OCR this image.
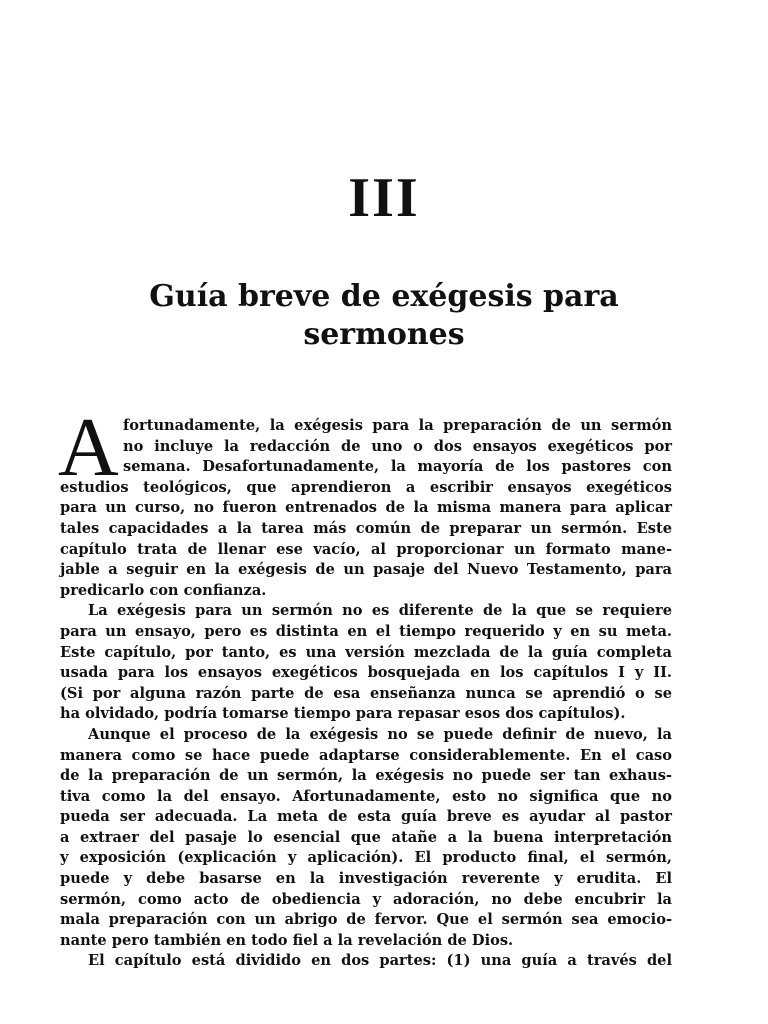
III
Guía breve de exégesis para
sermones
A fortunadamente, la exégesis para la preparación de un sermón
no incluye la redacción de uno o dos ensayos exegéticos por
semana. Desafortunadamente, la mayoría de los pastores con
estudios teológicos, que aprendieron a escribir ensayos exegéticos
para un curso, no fueron entrenados de la misma manera para aplicar
tales capacidades a la tarea más común de preparar un sermón. Este
capítulo trata de llenar ese vacío, al proporcionar un formato mane-
jable a seguir en la exégesis de un pasaje del Nuevo Testamento, para
predicarlo con confianza.
La exégesis para un sermón no es diferente de la que se requiere
para un ensayo, pero es distinta en el tiempo requerido y en su meta.
Este capítulo, por tanto, es una versión mezclada de la guía completa
usada para los ensayos exegéticos bosquejada en los capítulos I y II.
(Si por alguna razón parte de esa enseñanza nunca se aprendió o se
ha olvidado, podría tomarse tiempo para repasar esos dos capítulos).
Aunque el proceso de la exégesis no se puede definir de nuevo, la
manera como se hace puede adaptarse considerablemente. En el caso
de la preparación de un sermón, la exégesis no puede ser tan exhaus-
tiva como la del ensayo. Afortunadamente, esto no significa que no
pueda ser adecuada. La meta de esta guía breve es ayudar al pastor
a extraer del pasaje lo esencial que atañe a la buena interpretación
y exposición (explicación y aplicación). El producto final, el sermón,
puede y debe basarse en la investigación reverente y erudita. El
sermón, como acto de obediencia y adoración, no debe encubrir la
mala preparación con un abrigo de fervor. Que el sermón sea emocio-
nante pero también en todo fiel a la revelación de Dios.
El capítulo está dividido en dos partes: (1) una guía a través del
